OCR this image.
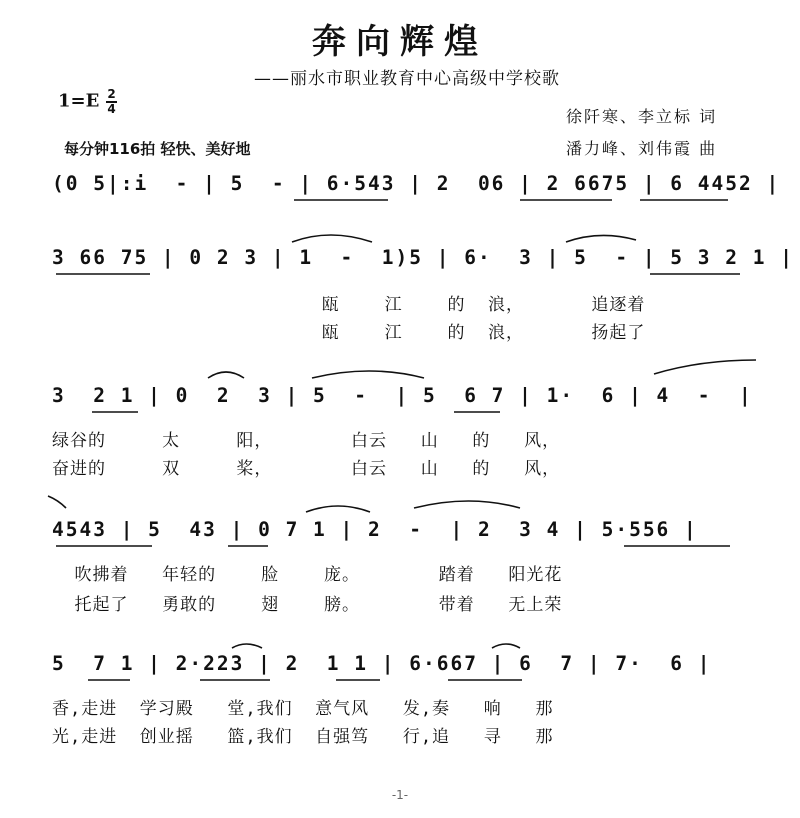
奔向辉煌
——丽水市职业教育中心高级中学校歌
$1=E \frac{2}{4}$
每分钟116拍 轻快、美好地
徐阡寒、李立标 词
潘力峰、刘伟霞 曲
(0 5|:i  - | 5  - | 6·543 | 2  06 | 2 6675 | 6 4452 |
3 66 75 | 0 2 3 | 1  -  1)5 | 6·  3 | 5  - | 5 3 2 1 |
瓯    江    的  浪，      追逐着
瓯    江    的  浪，      扬起了
3  2 1 | 0  2  3 | 5  -  | 5  6 7 | 1·  6 | 4  -  |
绿谷的     太     阳，       白云   山   的   风，
奋进的     双     桨，       白云   山   的   风，
4543 | 5  43 | 0 7 1 | 2  -  | 2  3 4 | 5·556 |
吹拂着   年轻的    脸    庞。       踏着   阳光花
托起了   勇敢的    翅    膀。       带着   无上荣
5  7 1 | 2·223 | 2  1 1 | 6·667 | 6  7 | 7·  6 |
香,走进  学习殿   堂,我们  意气风   发,奏   响   那
光,走进  创业摇   篮,我们  自强笃   行,追   寻   那
-1-
